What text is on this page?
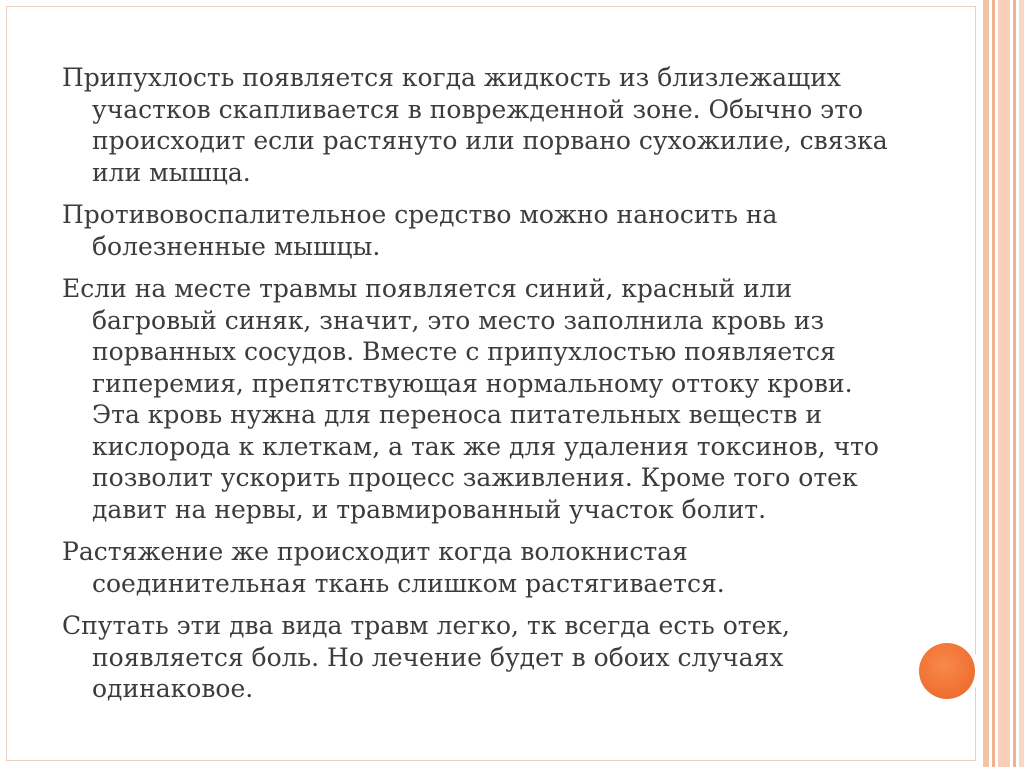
Припухлость появляется когда жидкость из близлежащих участков скапливается в поврежденной зоне. Обычно это происходит если растянуто или порвано сухожилие, связка или мышца.

Противовоспалительное средство можно наносить на болезненные мышцы.

Если на месте травмы появляется синий, красный или багровый синяк, значит, это место заполнила кровь из порванных сосудов. Вместе с припухлостью появляется гиперемия, препятствующая нормальному оттоку крови. Эта кровь нужна для переноса питательных веществ и кислорода к клеткам, а так же для удаления токсинов, что позволит ускорить процесс заживления. Кроме того отек давит на нервы, и травмированный участок болит.

Растяжение же происходит когда волокнистая соединительная ткань слишком растягивается.

Спутать эти два вида травм легко, тк всегда есть отек, появляется боль. Но лечение будет в обоих случаях одинаковое.
